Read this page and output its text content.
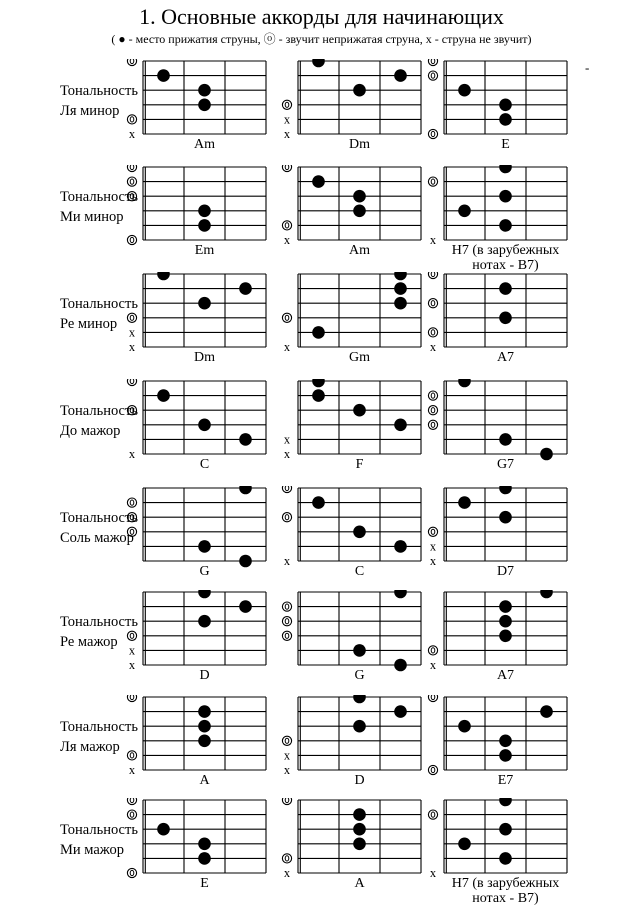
1. Основные аккорды для начинающих
( ● - место прижатия струны, ⓞ - звучит неприжатая струна, x - струна не звучит)
-
Тональность
Ля минор
x
Am
x
x
Dm	E
Тональность
Ми минор
Em
x
Am
x
H7 (в зарубежных
нотах - B7)
Тональность
Ре минор
x
x
Dm
x
Gm
x
A7
Тональность
До мажор
x
C
x
x
F	G7
Тональность
Соль мажор
G
x
C
x
x
D7
Тональность
Ре мажор
x
x
D	G
x
A7
Тональность
Ля мажор
x
A
x
x
D	E7
Тональность
Ми мажор
E
x
A
x
H7 (в зарубежных
нотах - B7)
